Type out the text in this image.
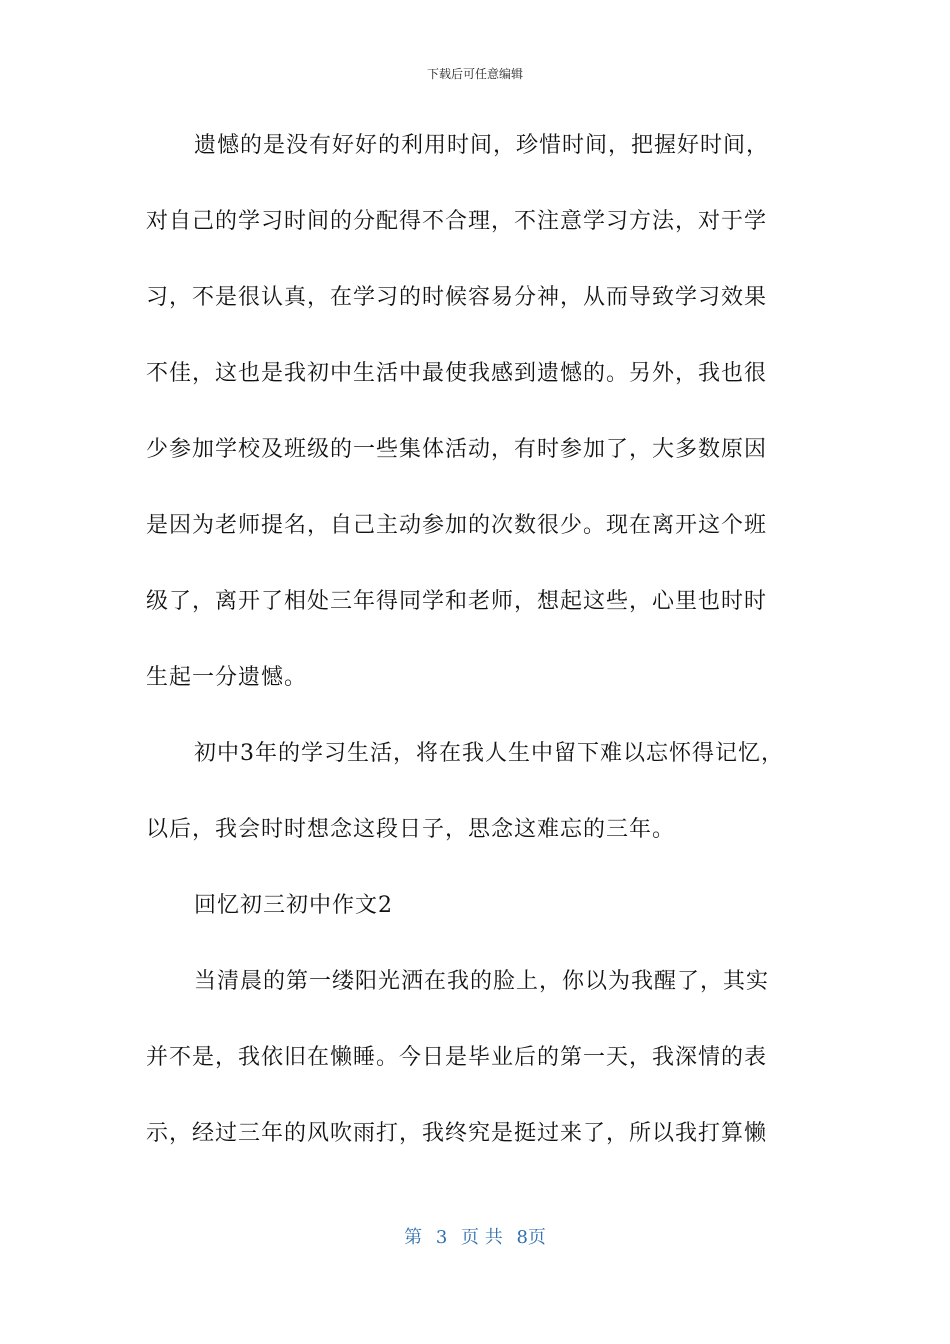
下载后可任意编辑
遗憾的是没有好好的利用时间，珍惜时间，把握好时间，
对自己的学习时间的分配得不合理，不注意学习方法，对于学
习，不是很认真，在学习的时候容易分神，从而导致学习效果
不佳，这也是我初中生活中最使我感到遗憾的。另外，我也很
少参加学校及班级的一些集体活动，有时参加了，大多数原因
是因为老师提名，自己主动参加的次数很少。现在离开这个班
级了，离开了相处三年得同学和老师，想起这些，心里也时时
生起一分遗憾。
初中3年的学习生活，将在我人生中留下难以忘怀得记忆，
以后，我会时时想念这段日子，思念这难忘的三年。
回忆初三初中作文2
当清晨的第一缕阳光洒在我的脸上，你以为我醒了，其实
并不是，我依旧在懒睡。今日是毕业后的第一天，我深情的表
示，经过三年的风吹雨打，我终究是挺过来了，所以我打算懒
第 3 页 共 8页
